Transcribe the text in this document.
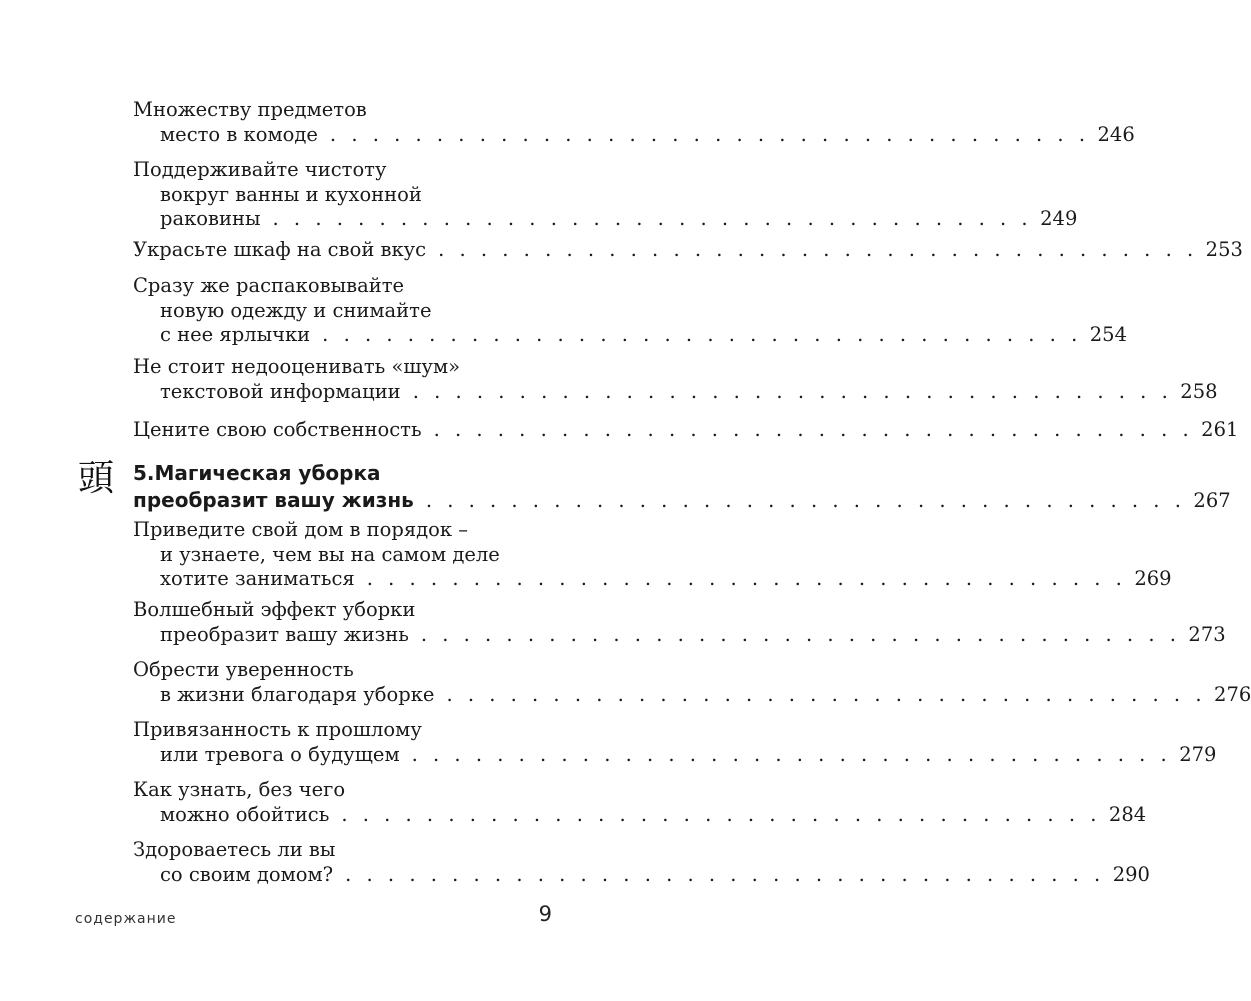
Множеству предметов
место в комоде . . . . . . . . . . . . . . . . . . . . . . . . . . . . . . . . . . . . 246
Поддерживайте чистоту
вокруг ванны и кухонной
раковины . . . . . . . . . . . . . . . . . . . . . . . . . . . . . . . . . . . . 249
Украсьте шкаф на свой вкус . . . . . . . . . . . . . . . . . . . . . . . . . . . . . . . . . . . . 253
Сразу же распаковывайте
новую одежду и снимайте
с нее ярлычки . . . . . . . . . . . . . . . . . . . . . . . . . . . . . . . . . . . . 254
Не стоит недооценивать «шум»
текстовой информации . . . . . . . . . . . . . . . . . . . . . . . . . . . . . . . . . . . . 258
Цените свою собственность . . . . . . . . . . . . . . . . . . . . . . . . . . . . . . . . . . . . 261
頭 5.Магическая уборка
преобразит вашу жизнь . . . . . . . . . . . . . . . . . . . . . . . . . . . . . . . . . . . . 267
Приведите свой дом в порядок –
и узнаете, чем вы на самом деле
хотите заниматься . . . . . . . . . . . . . . . . . . . . . . . . . . . . . . . . . . . . 269
Волшебный эффект уборки
преобразит вашу жизнь . . . . . . . . . . . . . . . . . . . . . . . . . . . . . . . . . . . . 273
Обрести уверенность
в жизни благодаря уборке . . . . . . . . . . . . . . . . . . . . . . . . . . . . . . . . . . . . 276
Привязанность к прошлому
или тревога о будущем . . . . . . . . . . . . . . . . . . . . . . . . . . . . . . . . . . . . 279
Как узнать, без чего
можно обойтись . . . . . . . . . . . . . . . . . . . . . . . . . . . . . . . . . . . . 284
Здороваетесь ли вы
со своим домом? . . . . . . . . . . . . . . . . . . . . . . . . . . . . . . . . . . . . 290
содержание	9
